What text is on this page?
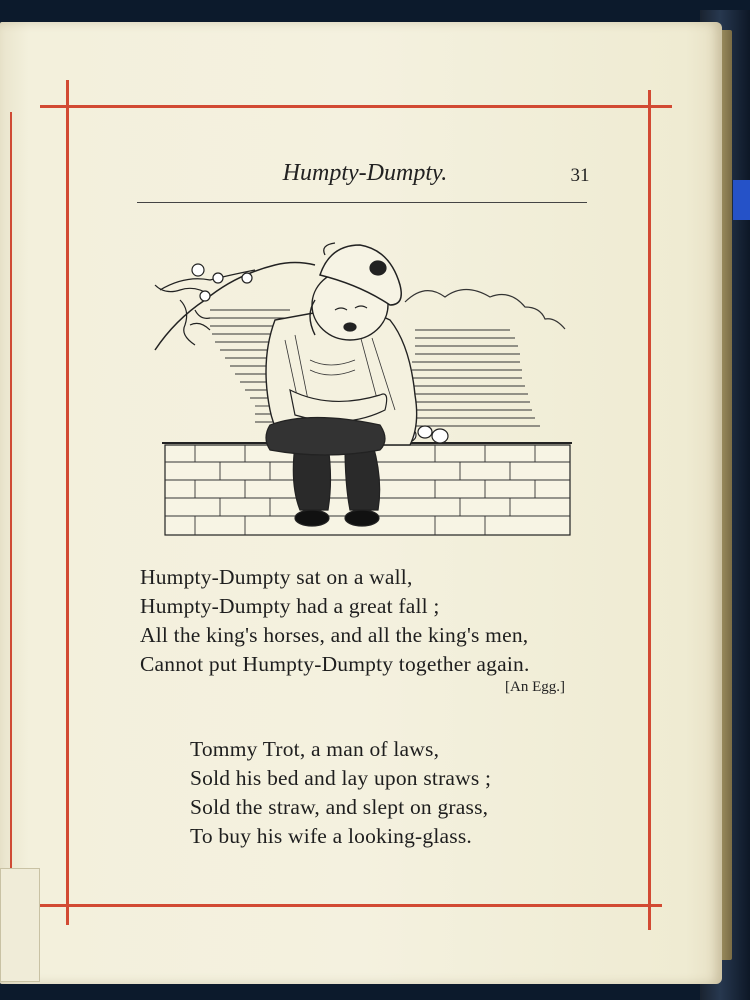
Humpty-Dumpty.	31
Humpty-Dumpty sat on a wall,
Humpty-Dumpty had a great fall ;
All the king's horses, and all the king's men,
Cannot put Humpty-Dumpty together again.
[An Egg.]
Tommy Trot, a man of laws,
Sold his bed and lay upon straws ;
Sold the straw, and slept on grass,
To buy his wife a looking-glass.
